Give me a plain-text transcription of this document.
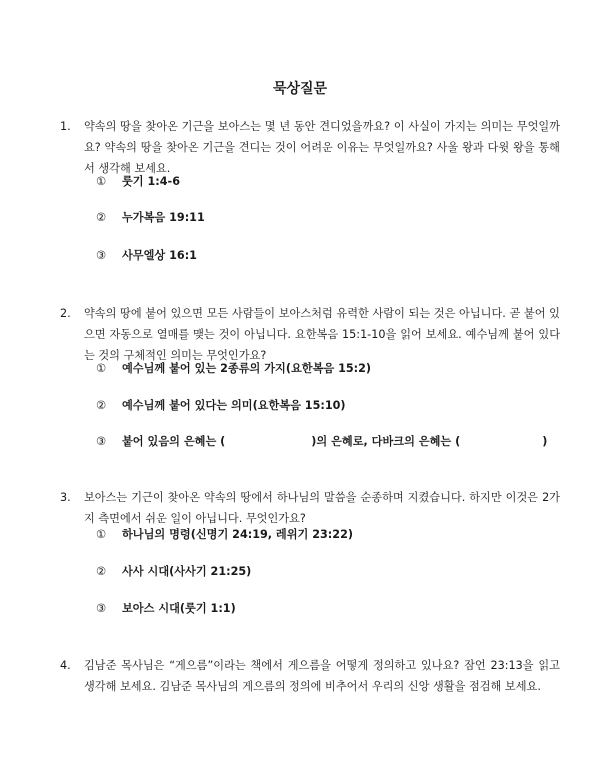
묵상질문
1. 약속의 땅을 찾아온 기근을 보아스는 몇 년 동안 견디었을까요? 이 사실이 가지는 의미는 무엇일까요? 약속의 땅을 찾아온 기근을 견디는 것이 어려운 이유는 무엇일까요? 사울 왕과 다윗 왕을 통해서 생각해 보세요.
① 룻기 1:4-6
② 누가복음 19:11
③ 사무엘상 16:1
2. 약속의 땅에 붙어 있으면 모든 사람들이 보아스처럼 유력한 사람이 되는 것은 아닙니다. 곧 붙어 있으면 자동으로 열매를 맺는 것이 아닙니다. 요한복음 15:1-10을 읽어 보세요. 예수님께 붙어 있다는 것의 구체적인 의미는 무엇인가요?
① 예수님께 붙어 있는 2종류의 가지(요한복음 15:2)
② 예수님께 붙어 있다는 의미(요한복음 15:10)
③ 붙어 있음의 은혜는 (	)의 은혜로, 다바크의 은혜는 (	)
3. 보아스는 기근이 찾아온 약속의 땅에서 하나님의 말씀을 순종하며 지켰습니다. 하지만 이것은 2가지 측면에서 쉬운 일이 아닙니다. 무엇인가요?
① 하나님의 명령(신명기 24:19, 레위기 23:22)
② 사사 시대(사사기 21:25)
③ 보아스 시대(룻기 1:1)
4. 김남준 목사님은 “게으름”이라는 책에서 게으름을 어떻게 정의하고 있나요? 잠언 23:13을 읽고 생각해 보세요. 김남준 목사님의 게으름의 정의에 비추어서 우리의 신앙 생활을 점검해 보세요.
